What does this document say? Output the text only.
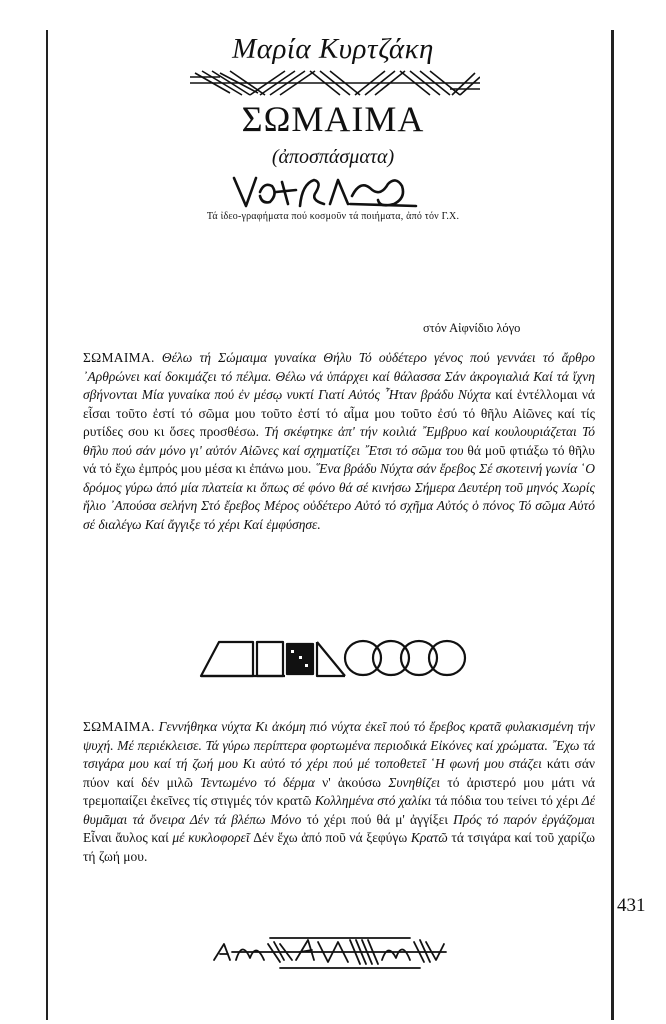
Μαρία Κυρτζάκη
ΣΩΜΑΙΜΑ
(ἀποσπάσματα)
Τά ἰδεο-γραφήματα πού κοσμοῦν τά ποιήματα, ἀπό τόν Γ.Χ.
στόν Αἰφνίδιο λόγο
ΣΩΜΑΙΜΑ. Θέλω τή Σώμαιμα γυναίκα Θήλυ Τό οὐδέτερο γένος πού γεννάει τό ἄρθρο ᾿Αρθρώνει καί δοκιμάζει τό πέλμα. Θέλω νά ὑπάρχει καί θάλασσα Σάν ἀκρογιαλιά Καί τά ἴχνη σβήνονται Μία γυναίκα πού ἐν μέσῳ νυκτί Γιατί Αὐτός ῏Ηταν βράδυ Νύχτα καί ἐντέλλομαι νά εἶσαι τοῦτο ἐστί τό σῶμα μου τοῦτο ἐστί τό αἷμα μου τοῦτο ἐσύ τό θῆλυ Αἰῶνες καί τίς ρυτίδες σου κι ὅσες προσθέσω. Τή σκέφτηκε ἀπ' τήν κοιλιά ῎Εμβρυο καί κουλουριάζεται Τό θῆλυ πού σάν μόνο γι' αὐτόν Αἰῶνες καί σχηματίζει ῎Ετσι τό σῶμα του θά μοῦ φτιάξω τό θῆλυ νά τό ἔχω ἐμπρός μου μέσα κι ἐπάνω μου. ῞Ενα βράδυ Νύχτα σάν ἔρεβος Σέ σκοτεινή γωνία ῾Ο δρόμος γύρω ἀπό μία πλατεία κι ὅπως σέ φόνο θά σέ κινήσω Σήμερα Δευτέρη τοῦ μηνός Χωρίς ἥλιο ᾿Απούσα σελήνη Στό ἔρεβος Μέρος οὐδέτερο Αὐτό τό σχῆμα Αὐτός ὁ πόνος Τό σῶμα Αὐτό σέ διαλέγω Καί ἄγγιξε τό χέρι Καί ἐμφύσησε.
ΣΩΜΑΙΜΑ. Γεννήθηκα νύχτα Κι ἀκόμη πιό νύχτα ἐκεῖ πού τό ἔρεβος κρατᾶ φυλακισμένη τήν ψυχή. Μέ περιέκλεισε. Τά γύρω περίπτερα φορτωμένα περιοδικά Εἰκόνες καί χρώματα. ῎Εχω τά τσιγάρα μου καί τή ζωή μου Κι αὐτό τό χέρι πού μέ τοποθετεῖ ῾Η φωνή μου στάζει κάτι σάν πύον καί δέν μιλῶ Τεντωμένο τό δέρμα ν' ἀκούσω Συνηθίζει τό ἀριστερό μου μάτι νά τρεμοπαίζει ἐκεῖνες τίς στιγμές τόν κρατῶ Κολλημένα στό χαλίκι τά πόδια του τείνει τό χέρι Δέ θυμᾶμαι τά ὄνειρα Δέν τά βλέπω Μόνο τό χέρι πού θά μ' ἀγγίξει Πρός τό παρόν ἐργάζομαι Εἶναι ἄυλος καί μέ κυκλοφορεῖ Δέν ἔχω ἀπό ποῦ νά ξεφύγω Κρατῶ τά τσιγάρα καί τοῦ χαρίζω τή ζωή μου.
431
